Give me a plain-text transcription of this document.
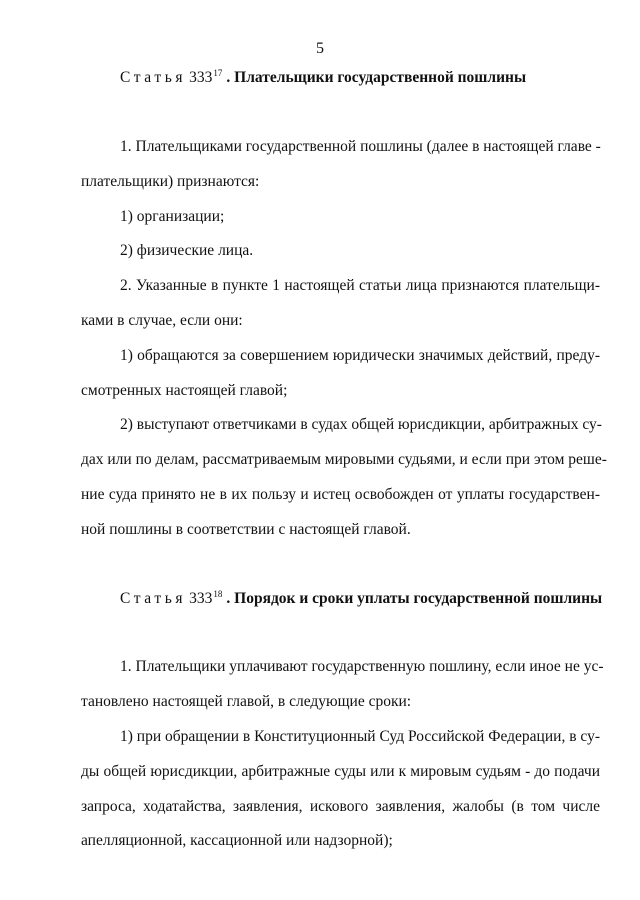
5
Статья $333^{17}$ . Плательщики государственной пошлины
1. Плательщиками государственной пошлины (далее в настоящей главе -
плательщики) признаются:
1) организации;
2) физические лица.
2. Указанные в пункте 1 настоящей статьи лица признаются плательщи-
ками в случае, если они:
1) обращаются за совершением юридически значимых действий, преду-
смотренных настоящей главой;
2) выступают ответчиками в судах общей юрисдикции, арбитражных су-
дах или по делам, рассматриваемым мировыми судьями, и если при этом реше-
ние суда принято не в их пользу и истец освобожден от уплаты государствен-
ной пошлины в соответствии с настоящей главой.
Статья $333^{18}$ . Порядок и сроки уплаты государственной пошлины
1. Плательщики уплачивают государственную пошлину, если иное не ус-
тановлено настоящей главой, в следующие сроки:
1) при обращении в Конституционный Суд Российской Федерации, в су-
ды общей юрисдикции, арбитражные суды или к мировым судьям - до подачи
запроса, ходатайства, заявления, искового заявления, жалобы (в том числе
апелляционной, кассационной или надзорной);
